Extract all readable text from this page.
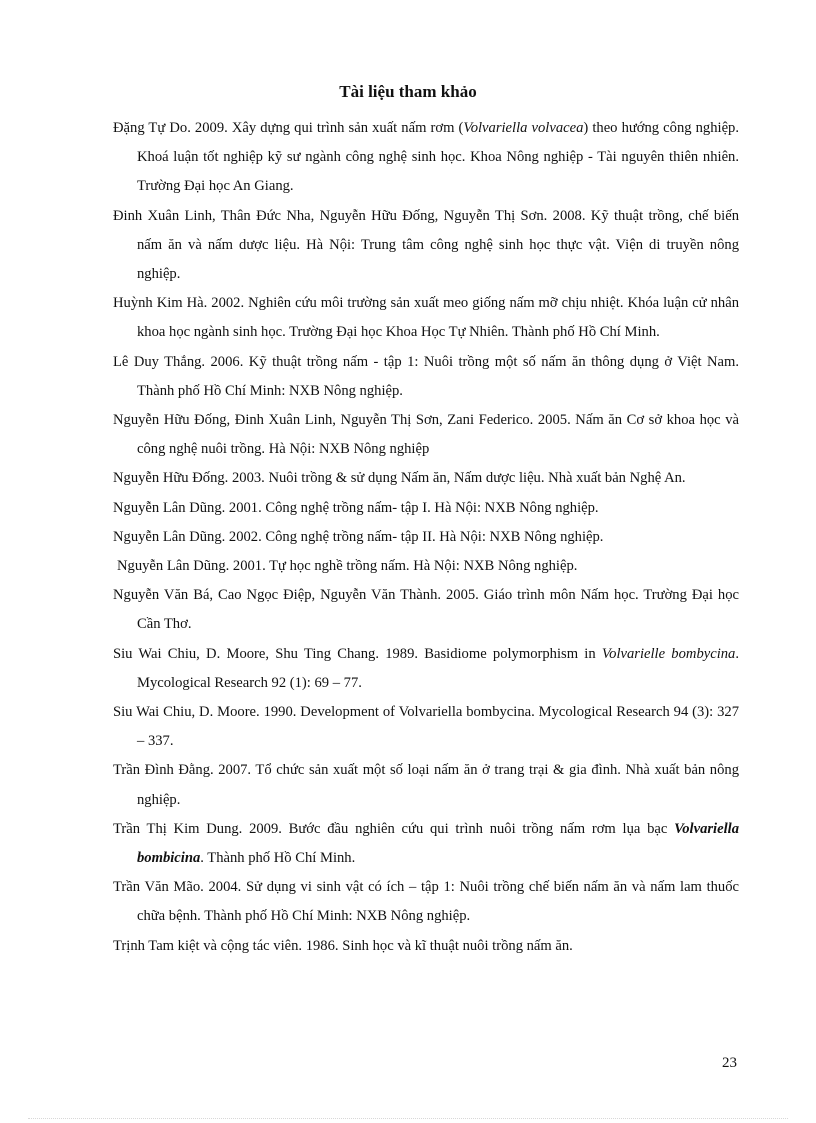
Tài liệu tham khảo
Đặng Tự Do. 2009. Xây dựng qui trình sản xuất nấm rơm (Volvariella volvacea) theo hướng công nghiệp. Khoá luận tốt nghiệp kỹ sư ngành công nghệ sinh học. Khoa Nông nghiệp - Tài nguyên thiên nhiên. Trường Đại học An Giang.
Đinh Xuân Linh, Thân Đức Nha, Nguyễn Hữu Đống, Nguyễn Thị Sơn. 2008. Kỹ thuật trồng, chế biến nấm ăn và nấm dược liệu. Hà Nội: Trung tâm công nghệ sinh học thực vật. Viện di truyền nông nghiệp.
Huỳnh Kim Hà. 2002. Nghiên cứu môi trường sản xuất meo giống nấm mỡ chịu nhiệt. Khóa luận cử nhân khoa học ngành sinh học. Trường Đại học Khoa Học Tự Nhiên. Thành phố Hồ Chí Minh.
Lê Duy Thắng. 2006. Kỹ thuật trồng nấm - tập 1: Nuôi trồng một số nấm ăn thông dụng ở Việt Nam. Thành phố Hồ Chí Minh: NXB Nông nghiệp.
Nguyễn Hữu Đống, Đinh Xuân Linh, Nguyễn Thị Sơn, Zani Federico. 2005. Nấm ăn Cơ sở khoa học và công nghệ nuôi trồng. Hà Nội: NXB Nông nghiệp
Nguyễn Hữu Đống. 2003. Nuôi trồng & sử dụng Nấm ăn, Nấm dược liệu. Nhà xuất bản Nghệ An.
Nguyễn Lân Dũng. 2001. Công nghệ trồng nấm- tập I. Hà Nội: NXB Nông nghiệp.
Nguyễn Lân Dũng. 2002. Công nghệ trồng nấm- tập II. Hà Nội: NXB Nông nghiệp.
Nguyễn Lân Dũng. 2001. Tự học nghề trồng nấm. Hà Nội: NXB Nông nghiệp.
Nguyễn Văn Bá, Cao Ngọc Điệp, Nguyễn Văn Thành. 2005. Giáo trình môn Nấm học. Trường Đại học Cần Thơ.
Siu Wai Chiu, D. Moore, Shu Ting Chang. 1989. Basidiome polymorphism in Volvarielle bombycina. Mycological Research 92 (1): 69 – 77.
Siu Wai Chiu, D. Moore. 1990. Development of Volvariella bombycina. Mycological Research 94 (3): 327 – 337.
Trần Đình Đằng. 2007. Tổ chức sản xuất một số loại nấm ăn ở trang trại & gia đình. Nhà xuất bản nông nghiệp.
Trần Thị Kim Dung. 2009. Bước đầu nghiên cứu qui trình nuôi trồng nấm rơm lụa bạc Volvariella bombicina. Thành phố Hồ Chí Minh.
Trần Văn Mão. 2004. Sử dụng vi sinh vật có ích – tập 1: Nuôi trồng chế biến nấm ăn và nấm lam thuốc chữa bệnh. Thành phố Hồ Chí Minh: NXB Nông nghiệp.
Trịnh Tam kiệt và cộng tác viên. 1986. Sinh học và kĩ thuật nuôi trồng nấm ăn.
23
